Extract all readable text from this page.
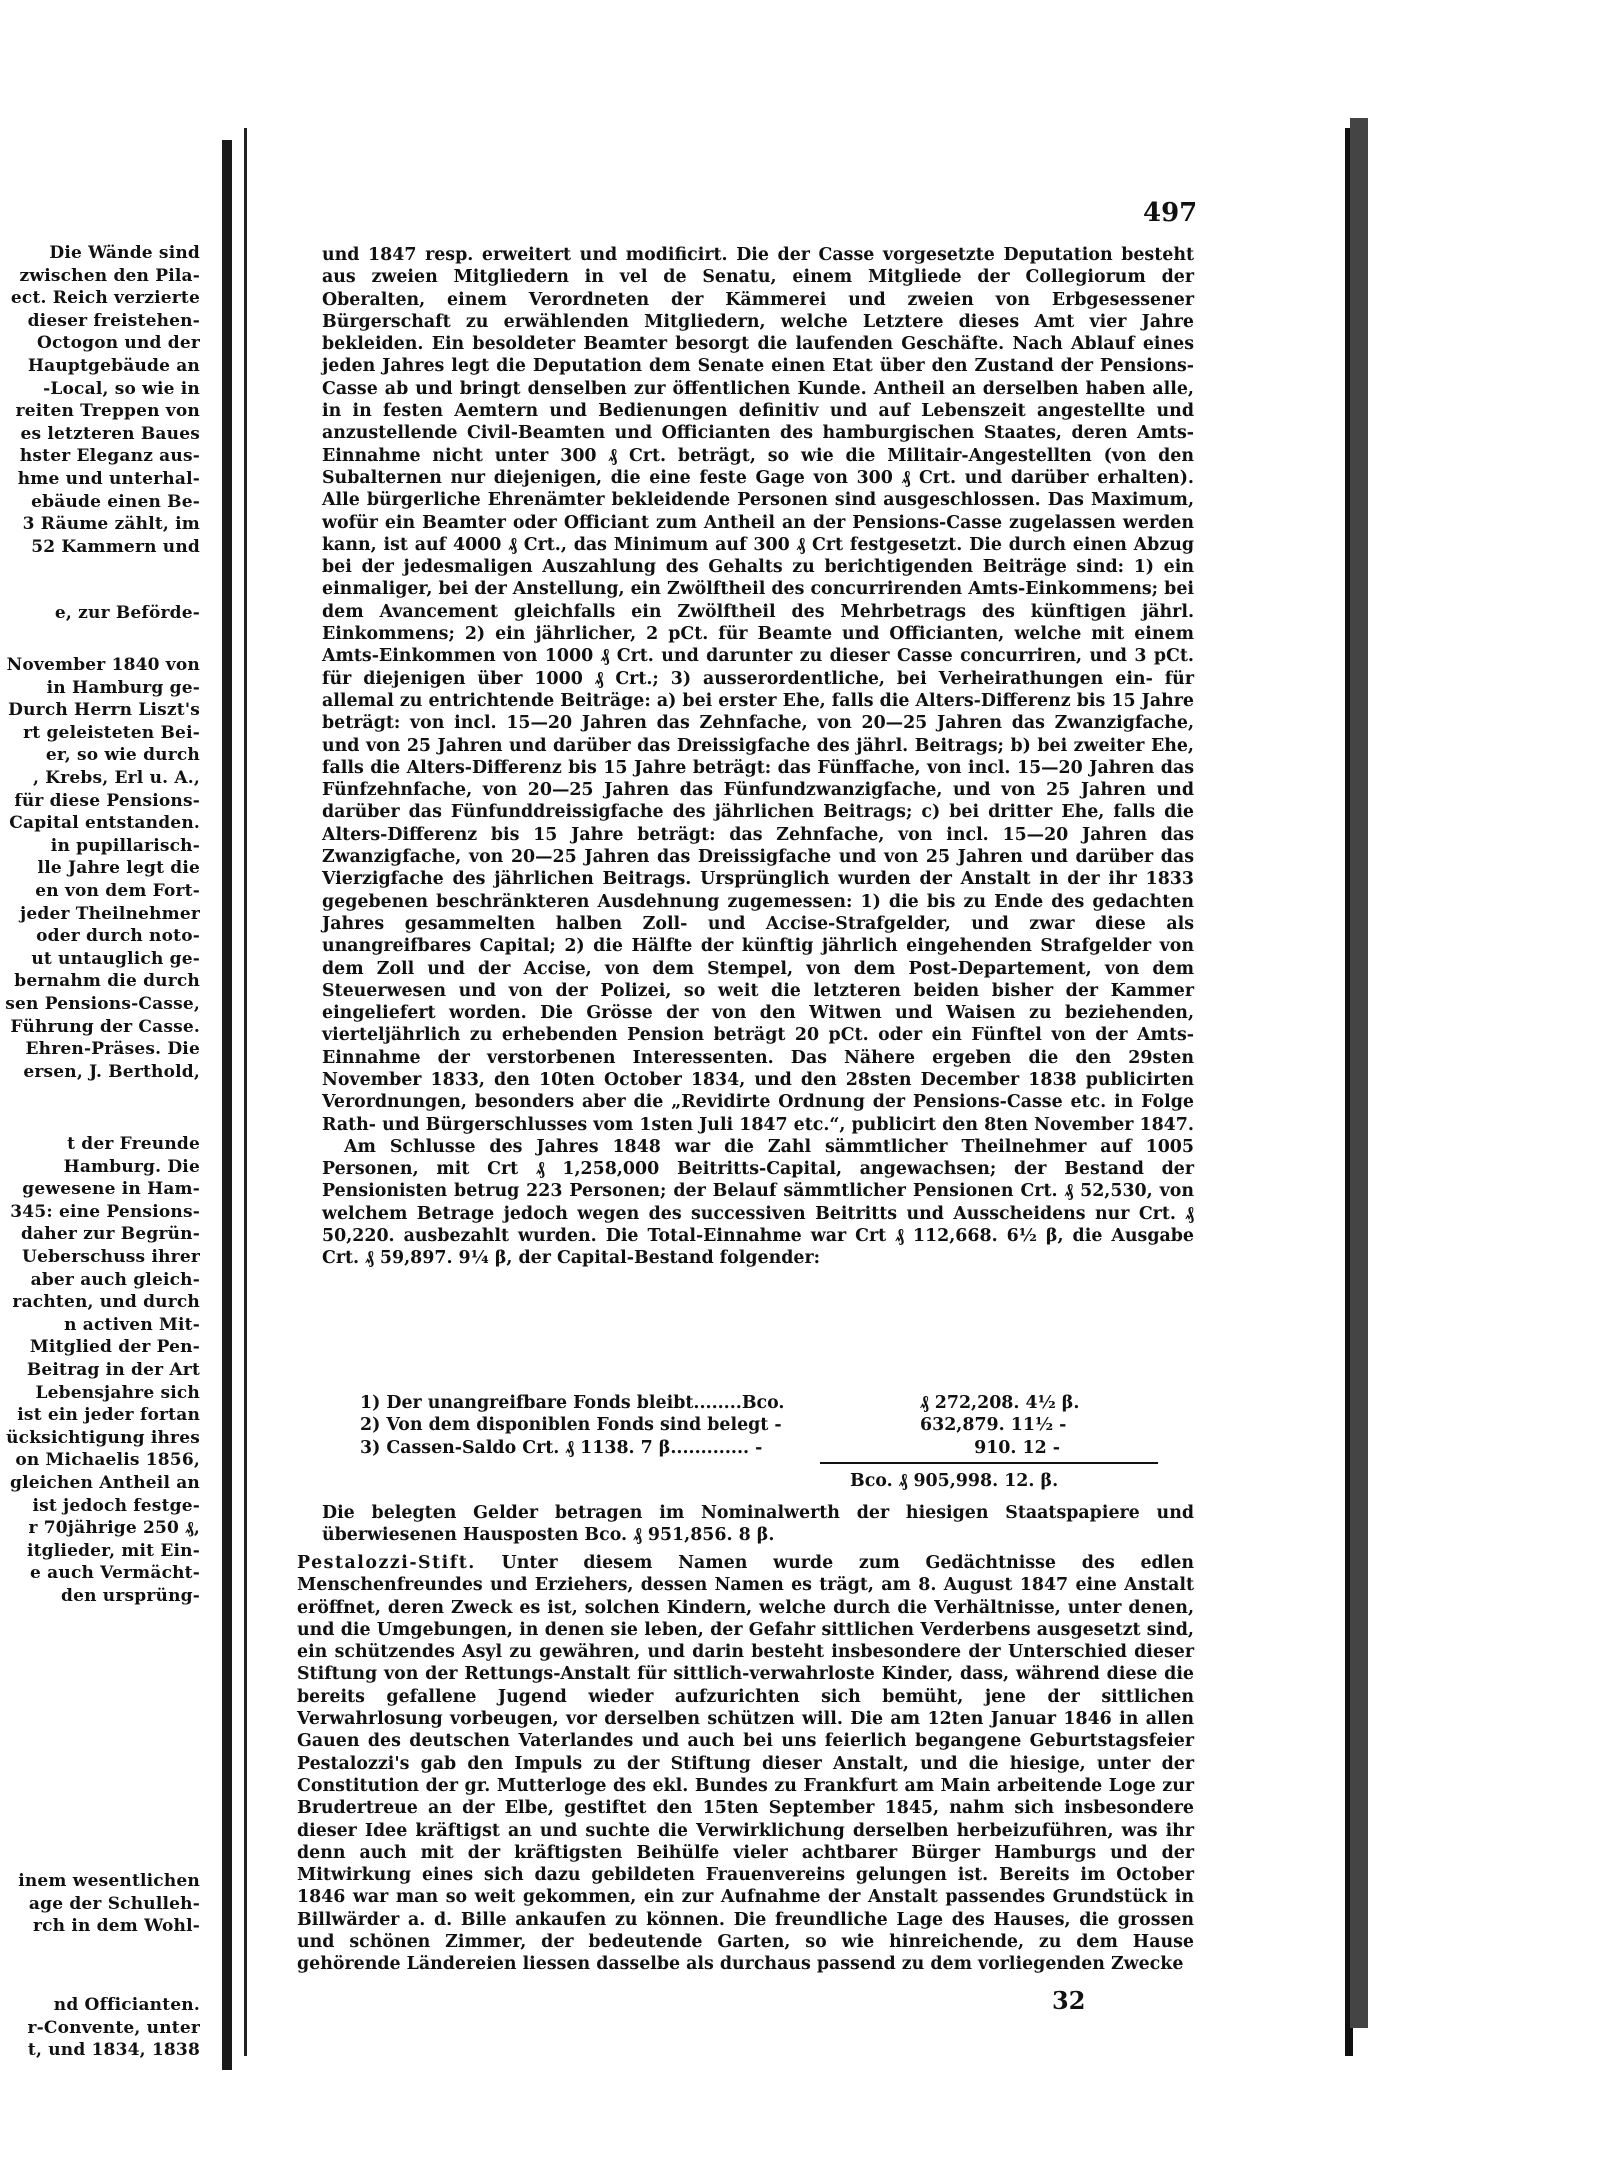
Die Wände sind
zwischen den Pila-
ect. Reich verzierte
dieser freistehen-
Octogon und der
Hauptgebäude an
-Local, so wie in
reiten Treppen von
es letzteren Baues
hster Eleganz aus-
hme und unterhal-
ebäude einen Be-
3 Räume zählt, im
52 Kammern und
e, zur Beförde-
November 1840 von
in Hamburg ge-
Durch Herrn Liszt's
rt geleisteten Bei-
er, so wie durch
, Krebs, Erl u. A.,
für diese Pensions-
Capital entstanden.
in pupillarisch-
lle Jahre legt die
en von dem Fort-
jeder Theilnehmer
oder durch noto-
ut untauglich ge-
bernahm die durch
sen Pensions-Casse,
Führung der Casse.
Ehren-Präses. Die
ersen, J. Berthold,
t der Freunde
Hamburg. Die
gewesene in Ham-
345: eine Pensions-
daher zur Begrün-
Ueberschuss ihrer
aber auch gleich-
rachten, und durch
n activen Mit-
Mitglied der Pen-
Beitrag in der Art
Lebensjahre sich
ist ein jeder fortan
ücksichtigung ihres
on Michaelis 1856,
gleichen Antheil an
ist jedoch festge-
r 70jährige 250 ₰,
itglieder, mit Ein-
e auch Vermächt-
den ursprüng-
inem wesentlichen
age der Schulleh-
rch in dem Wohl-
nd Officianten.
r-Convente, unter
t, und 1834, 1838
497

und 1847 resp. erweitert und modificirt. Die der Casse vorgesetzte Deputation besteht aus zweien Mitgliedern in vel de Senatu, einem Mitgliede der Collegiorum der Oberalten, einem Verordneten der Kämmerei und zweien von Erbgesessener Bürgerschaft zu erwählenden Mitgliedern, welche Letztere dieses Amt vier Jahre bekleiden. Ein besoldeter Beamter besorgt die laufenden Geschäfte. Nach Ablauf eines jeden Jahres legt die Deputation dem Senate einen Etat über den Zustand der Pensions-Casse ab und bringt denselben zur öffentlichen Kunde. Antheil an derselben haben alle, in in festen Aemtern und Bedienungen definitiv und auf Lebenszeit angestellte und anzustellende Civil-Beamten und Officianten des hamburgischen Staates, deren Amts-Einnahme nicht unter 300 ₰ Crt. beträgt, so wie die Militair-Angestellten (von den Subalternen nur diejenigen, die eine feste Gage von 300 ₰ Crt. und darüber erhalten). Alle bürgerliche Ehrenämter bekleidende Personen sind ausgeschlossen. Das Maximum, wofür ein Beamter oder Officiant zum Antheil an der Pensions-Casse zugelassen werden kann, ist auf 4000 ₰ Crt., das Minimum auf 300 ₰ Crt festgesetzt. Die durch einen Abzug bei der jedesmaligen Auszahlung des Gehalts zu berichtigenden Beiträge sind: 1) ein einmaliger, bei der Anstellung, ein Zwölftheil des concurrirenden Amts-Einkommens; bei dem Avancement gleichfalls ein Zwölftheil des Mehrbetrags des künftigen jährl. Einkommens; 2) ein jährlicher, 2 pCt. für Beamte und Officianten, welche mit einem Amts-Einkommen von 1000 ₰ Crt. und darunter zu dieser Casse concurriren, und 3 pCt. für diejenigen über 1000 ₰ Crt.; 3) ausserordentliche, bei Verheirathungen ein- für allemal zu entrichtende Beiträge: a) bei erster Ehe, falls die Alters-Differenz bis 15 Jahre beträgt: von incl. 15—20 Jahren das Zehnfache, von 20—25 Jahren das Zwanzigfache, und von 25 Jahren und darüber das Dreissigfache des jährl. Beitrags; b) bei zweiter Ehe, falls die Alters-Differenz bis 15 Jahre beträgt: das Fünffache, von incl. 15—20 Jahren das Fünfzehnfache, von 20—25 Jahren das Fünfundzwanzigfache, und von 25 Jahren und darüber das Fünfunddreissigfache des jährlichen Beitrags; c) bei dritter Ehe, falls die Alters-Differenz bis 15 Jahre beträgt: das Zehnfache, von incl. 15—20 Jahren das Zwanzigfache, von 20—25 Jahren das Dreissigfache und von 25 Jahren und darüber das Vierzigfache des jährlichen Beitrags. Ursprünglich wurden der Anstalt in der ihr 1833 gegebenen beschränkteren Ausdehnung zugemessen: 1) die bis zu Ende des gedachten Jahres gesammelten halben Zoll- und Accise-Strafgelder, und zwar diese als unangreifbares Capital; 2) die Hälfte der künftig jährlich eingehenden Strafgelder von dem Zoll und der Accise, von dem Stempel, von dem Post-Departement, von dem Steuerwesen und von der Polizei, so weit die letzteren beiden bisher der Kammer eingeliefert worden. Die Grösse der von den Witwen und Waisen zu beziehenden, vierteljährlich zu erhebenden Pension beträgt 20 pCt. oder ein Fünftel von der Amts-Einnahme der verstorbenen Interessenten. Das Nähere ergeben die den 29sten November 1833, den 10ten October 1834, und den 28sten December 1838 publicirten Verordnungen, besonders aber die „Revidirte Ordnung der Pensions-Casse etc. in Folge Rath- und Bürgerschlusses vom 1sten Juli 1847 etc.“, publicirt den 8ten November 1847.

Am Schlusse des Jahres 1848 war die Zahl sämmtlicher Theilnehmer auf 1005 Personen, mit Crt ₰ 1,258,000 Beitritts-Capital, angewachsen; der Bestand der Pensionisten betrug 223 Personen; der Belauf sämmtlicher Pensionen Crt. ₰ 52,530, von welchem Betrage jedoch wegen des successiven Beitritts und Ausscheidens nur Crt. ₰ 50,220. ausbezahlt wurden. Die Total-Einnahme war Crt ₰ 112,668. 6½ β, die Ausgabe Crt. ₰ 59,897. 9¼ β, der Capital-Bestand folgender:

1) Der unangreifbare Fonds bleibt........Bco.	₰ 272,208. 4½ β.
2) Von dem disponiblen Fonds sind belegt -	632,879. 11½ -
3) Cassen-Saldo Crt. ₰ 1138. 7 β............. -	910. 12 -
Bco. ₰ 905,998. 12. β.
Die belegten Gelder betragen im Nominalwerth der hiesigen Staatspapiere und überwiesenen Hausposten Bco. ₰ 951,856. 8 β.
Pestalozzi-Stift. Unter diesem Namen wurde zum Gedächtnisse des edlen Menschenfreundes und Erziehers, dessen Namen es trägt, am 8. August 1847 eine Anstalt eröffnet, deren Zweck es ist, solchen Kindern, welche durch die Verhältnisse, unter denen, und die Umgebungen, in denen sie leben, der Gefahr sittlichen Verderbens ausgesetzt sind, ein schützendes Asyl zu gewähren, und darin besteht insbesondere der Unterschied dieser Stiftung von der Rettungs-Anstalt für sittlich-verwahrloste Kinder, dass, während diese die bereits gefallene Jugend wieder aufzurichten sich bemüht, jene der sittlichen Verwahrlosung vorbeugen, vor derselben schützen will. Die am 12ten Januar 1846 in allen Gauen des deutschen Vaterlandes und auch bei uns feierlich begangene Geburtstagsfeier Pestalozzi's gab den Impuls zu der Stiftung dieser Anstalt, und die hiesige, unter der Constitution der gr. Mutterloge des ekl. Bundes zu Frankfurt am Main arbeitende Loge zur Brudertreue an der Elbe, gestiftet den 15ten September 1845, nahm sich insbesondere dieser Idee kräftigst an und suchte die Verwirklichung derselben herbeizuführen, was ihr denn auch mit der kräftigsten Beihülfe vieler achtbarer Bürger Hamburgs und der Mitwirkung eines sich dazu gebildeten Frauenvereins gelungen ist. Bereits im October 1846 war man so weit gekommen, ein zur Aufnahme der Anstalt passendes Grundstück in Billwärder a. d. Bille ankaufen zu können. Die freundliche Lage des Hauses, die grossen und schönen Zimmer, der bedeutende Garten, so wie hinreichende, zu dem Hause gehörende Ländereien liessen dasselbe als durchaus passend zu dem vorliegenden Zwecke
32
